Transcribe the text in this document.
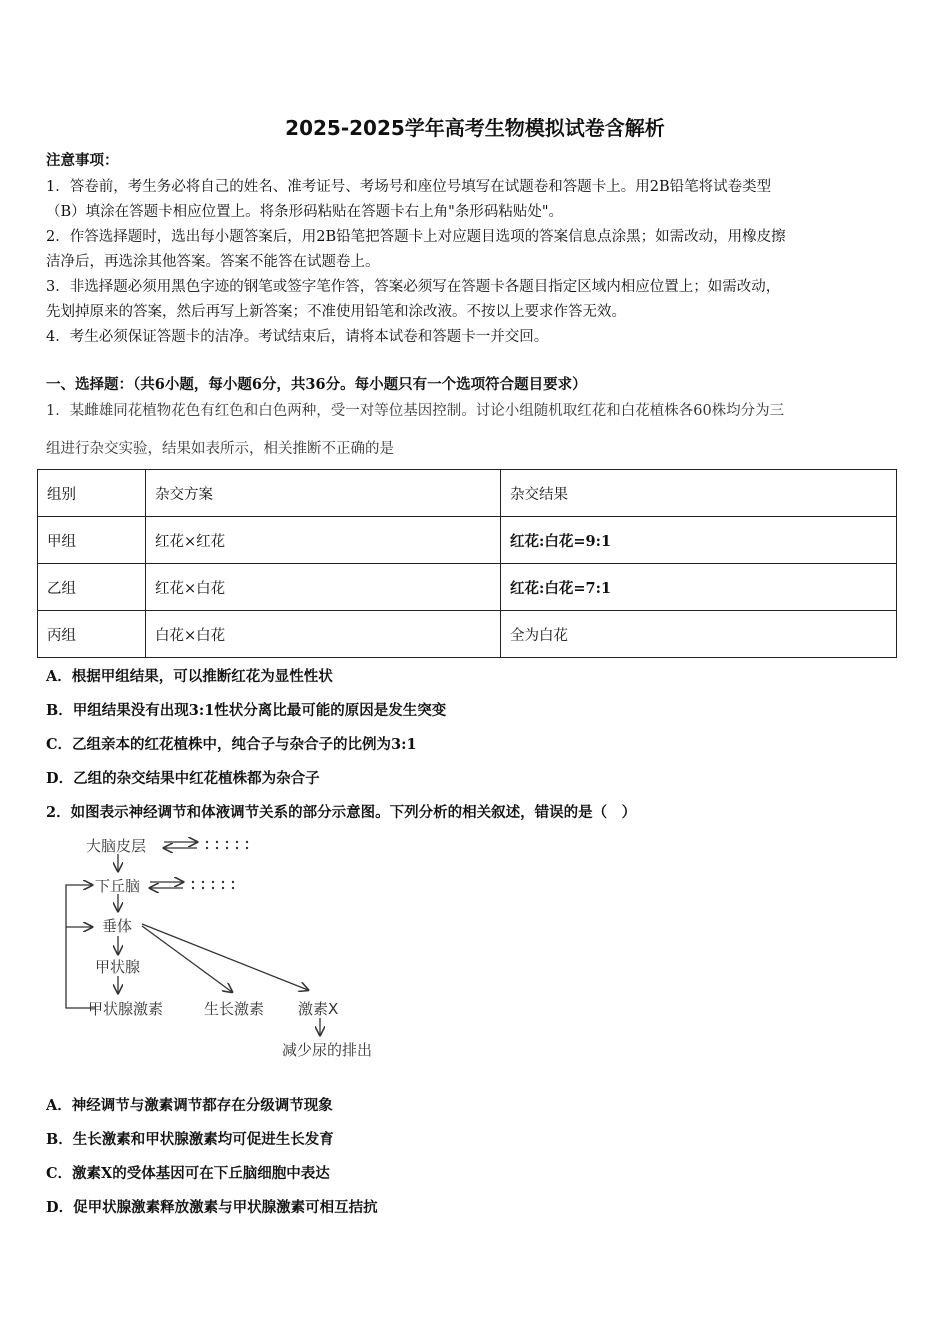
2025-2025学年高考生物模拟试卷含解析
注意事项：
1．答卷前，考生务必将自己的姓名、准考证号、考场号和座位号填写在试题卷和答题卡上。用2B铅笔将试卷类型
（B）填涂在答题卡相应位置上。将条形码粘贴在答题卡右上角"条形码粘贴处"。
2．作答选择题时，选出每小题答案后，用2B铅笔把答题卡上对应题目选项的答案信息点涂黑；如需改动，用橡皮擦
洁净后，再选涂其他答案。答案不能答在试题卷上。
3．非选择题必须用黑色字迹的钢笔或签字笔作答，答案必须写在答题卡各题目指定区域内相应位置上；如需改动，
先划掉原来的答案，然后再写上新答案；不准使用铅笔和涂改液。不按以上要求作答无效。
4．考生必须保证答题卡的洁净。考试结束后，请将本试卷和答题卡一并交回。
一、选择题：（共6小题，每小题6分，共36分。每小题只有一个选项符合题目要求）
1．某雌雄同花植物花色有红色和白色两种，受一对等位基因控制。讨论小组随机取红花和白花植株各60株均分为三
组进行杂交实验，结果如表所示，相关推断不正确的是
组别	杂交方案	杂交结果
甲组	红花×红花	红花:白花=9:1
乙组	红花×白花	红花:白花=7:1
丙组	白花×白花	全为白花
A．根据甲组结果，可以推断红花为显性性状
B．甲组结果没有出现3:1性状分离比最可能的原因是发生突变
C．乙组亲本的红花植株中，纯合子与杂合子的比例为3:1
D．乙组的杂交结果中红花植株都为杂合子
2．如图表示神经调节和体液调节关系的部分示意图。下列分析的相关叙述，错误的是（　）
大脑皮层
下丘脑
垂体
甲状腺
甲状腺激素	生长激素 激素X
减少尿的排出
A．神经调节与激素调节都存在分级调节现象
B．生长激素和甲状腺激素均可促进生长发育
C．激素X的受体基因可在下丘脑细胞中表达
D．促甲状腺激素释放激素与甲状腺激素可相互拮抗
